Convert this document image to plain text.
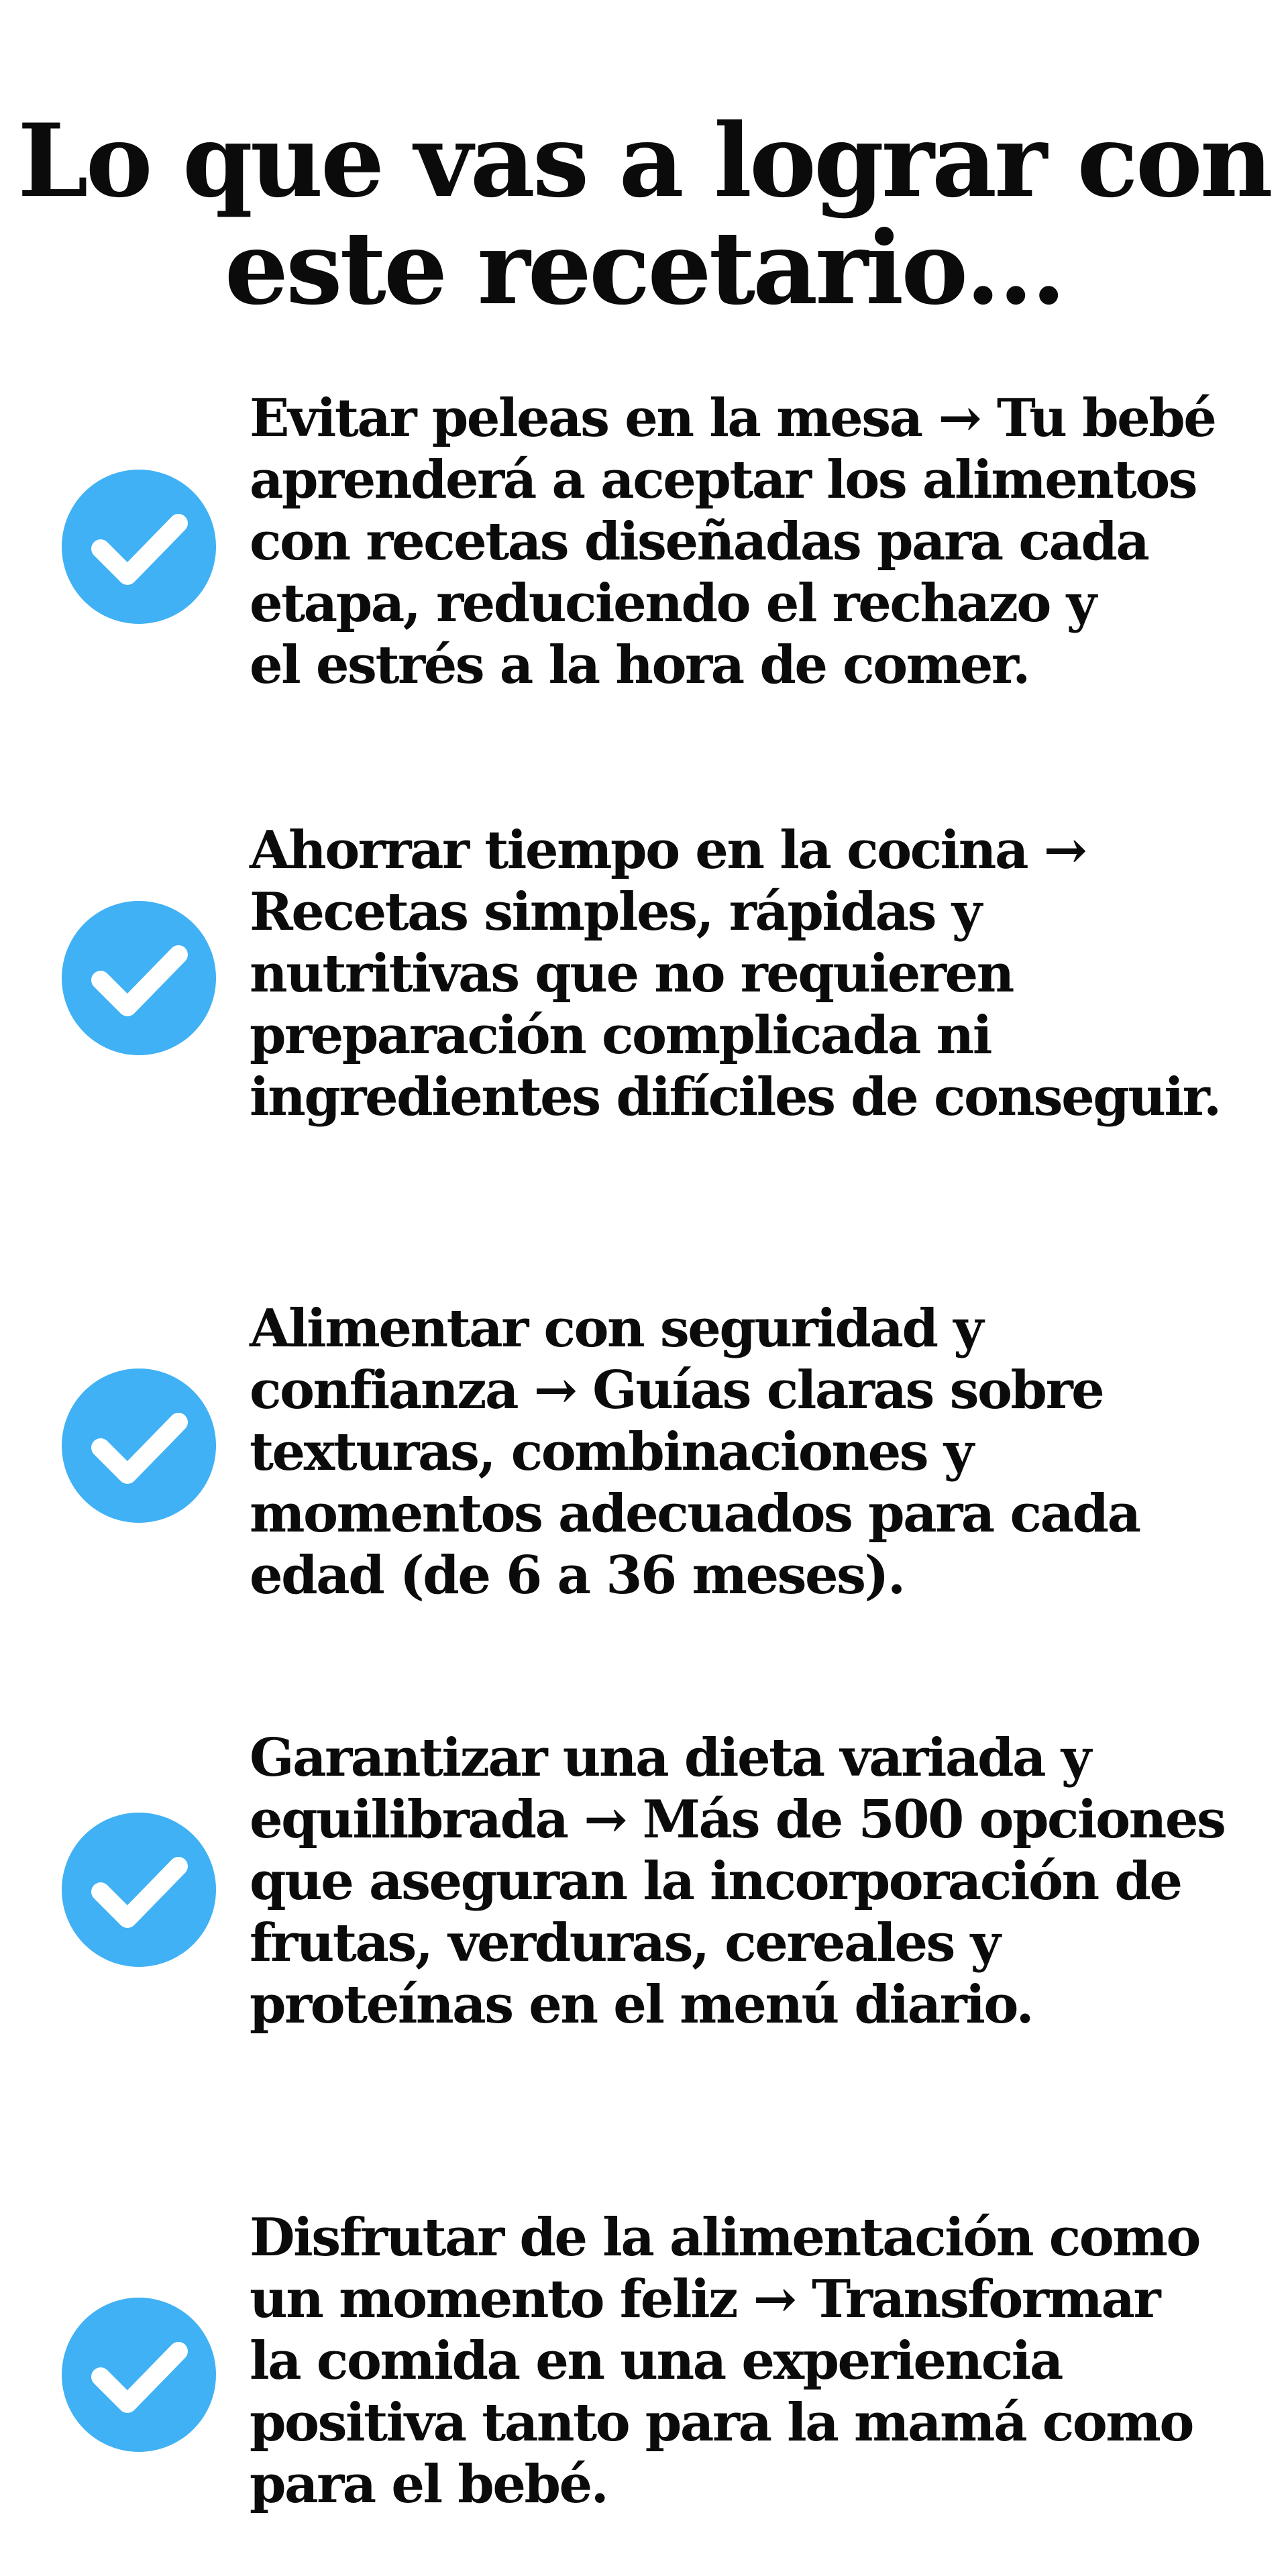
Lo que vas a lograr con
este recetario…

Evitar peleas en la mesa → Tu bebé
aprenderá a aceptar los alimentos
con recetas diseñadas para cada
etapa, reduciendo el rechazo y
el estrés a la hora de comer.

Ahorrar tiempo en la cocina →
Recetas simples, rápidas y
nutritivas que no requieren
preparación complicada ni
ingredientes difíciles de conseguir.

Alimentar con seguridad y
confianza → Guías claras sobre
texturas, combinaciones y
momentos adecuados para cada
edad (de 6 a 36 meses).

Garantizar una dieta variada y
equilibrada → Más de 500 opciones
que aseguran la incorporación de
frutas, verduras, cereales y
proteínas en el menú diario.

Disfrutar de la alimentación como
un momento feliz → Transformar
la comida en una experiencia
positiva tanto para la mamá como
para el bebé.
